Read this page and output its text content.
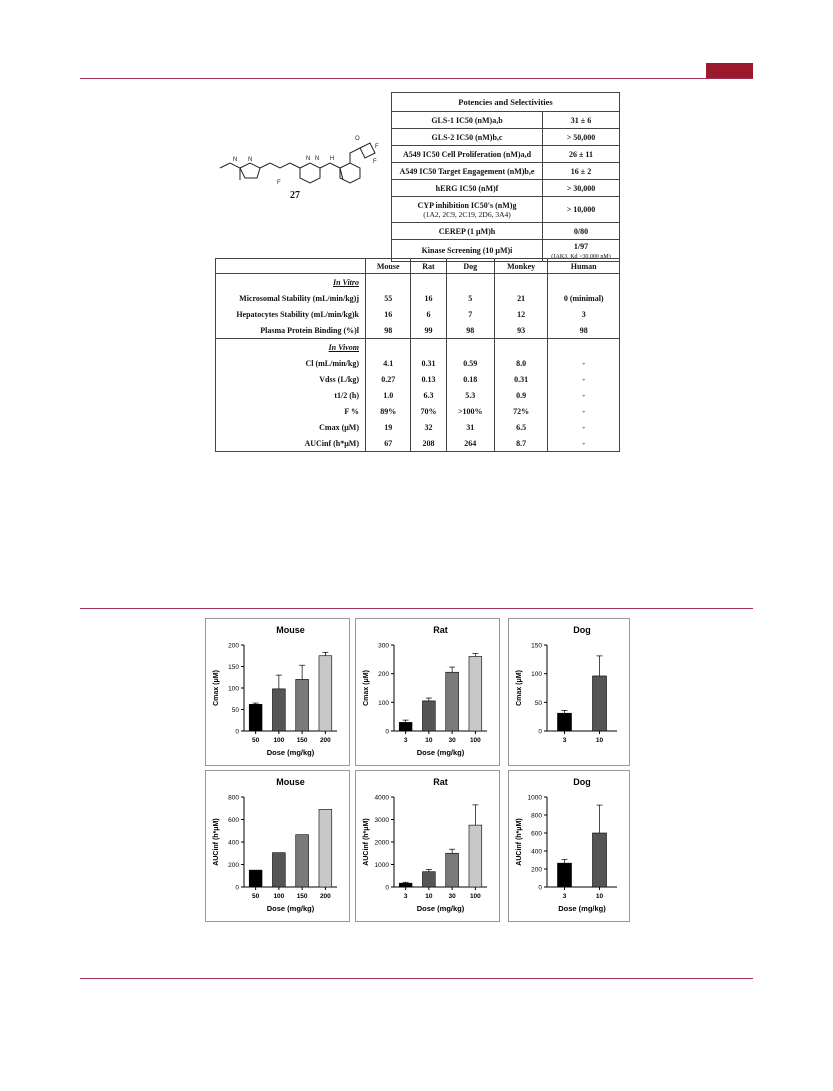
N N
F
N N H
O
F
F
27
Potencies and Selectivities	
GLS-1 IC50 (nM)a,b	31 ± 6
GLS-2 IC50 (nM)b,c	> 50,000
A549 IC50 Cell Proliferation (nM)a,d	26 ± 11
A549 IC50 Target Engagement (nM)b,e	16 ± 2
hERG IC50 (nM)f	> 30,000
CYP inhibition IC50's (nM)g
(1A2, 2C9, 2C19, 2D6, 3A4)	> 10,000
CEREP (1 μM)h	0/80
Kinase Screening (10 μM)i	1/97
(JAK3, Kd >30,000 nM)
	Mouse	Rat	Dog	Monkey	Human
In Vitro					
Microsomal Stability (mL/min/kg)j	55	16	5	21	0 (minimal)
Hepatocytes Stability (mL/min/kg)k	16	6	7	12	3
Plasma Protein Binding (%)l	98	99	98	93	98
In Vivom					
Cl (mL/min/kg)	4.1	0.31	0.59	8.0	-
Vdss (L/kg)	0.27	0.13	0.18	0.31	-
t1/2 (h)	1.0	6.3	5.3	0.9	-
F %	89%	70%	>100%	72%	-
Cmax (μM)	19	32	31	6.5	-
AUCinf (h*μM)	67	208	264	8.7	-
Mouse
0
50
100
150
200
Cmax (μM)
50 100 150 200
Dose (mg/kg)
Rat
0
100
200
300
Cmax (μM)
3	10 30 100
Dose (mg/kg)
Dog
0
50
100
150
Cmax (μM)
3	10
Mouse
0
200
400
600
800
AUCinf (h*μM)
50 100 150 200
Dose (mg/kg)
Rat
0
1000
2000
3000
4000
AUCinf (h*μM)
3	10 30 100
Dose (mg/kg)
Dog
0
200
400
600
800
1000
AUCinf (h*μM)
3	10
Dose (mg/kg)
